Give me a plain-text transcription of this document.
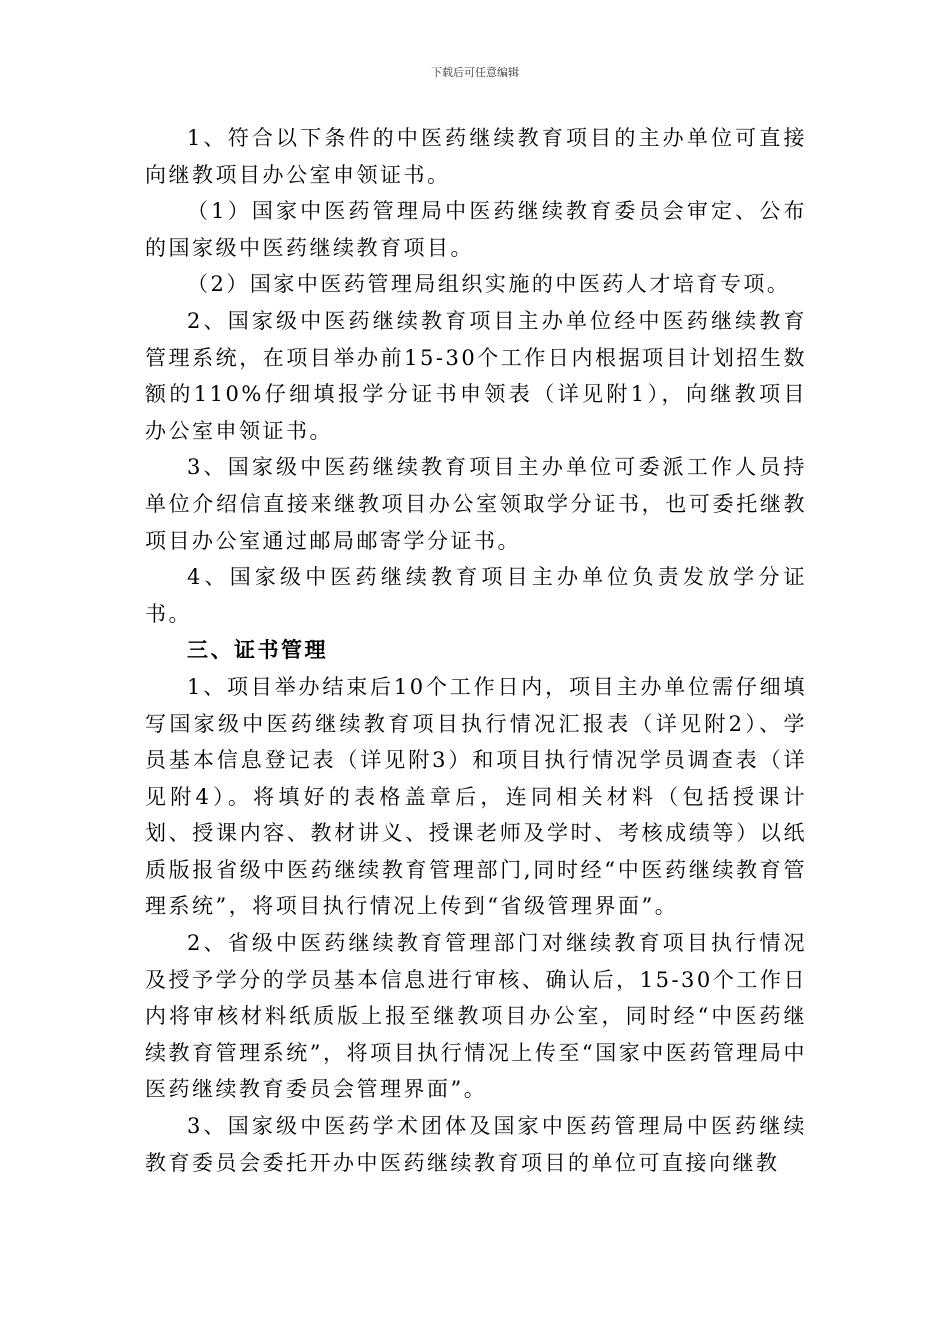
下载后可任意编辑

1、符合以下条件的中医药继续教育项目的主办单位可直接向继教项目办公室申领证书。

（1）国家中医药管理局中医药继续教育委员会审定、公布的国家级中医药继续教育项目。

（2）国家中医药管理局组织实施的中医药人才培育专项。

2、国家级中医药继续教育项目主办单位经中医药继续教育管理系统，在项目举办前15-30个工作日内根据项目计划招生数额的110%仔细填报学分证书申领表（详见附1），向继教项目办公室申领证书。

3、国家级中医药继续教育项目主办单位可委派工作人员持单位介绍信直接来继教项目办公室领取学分证书，也可委托继教项目办公室通过邮局邮寄学分证书。

4、国家级中医药继续教育项目主办单位负责发放学分证书。

三、证书管理

1、项目举办结束后10个工作日内，项目主办单位需仔细填写国家级中医药继续教育项目执行情况汇报表（详见附2）、学员基本信息登记表（详见附3）和项目执行情况学员调查表（详见附4）。将填好的表格盖章后，连同相关材料（包括授课计划、授课内容、教材讲义、授课老师及学时、考核成绩等）以纸质版报省级中医药继续教育管理部门,同时经“中医药继续教育管理系统”，将项目执行情况上传到“省级管理界面”。

2、省级中医药继续教育管理部门对继续教育项目执行情况及授予学分的学员基本信息进行审核、确认后，15-30个工作日内将审核材料纸质版上报至继教项目办公室，同时经“中医药继续教育管理系统”，将项目执行情况上传至“国家中医药管理局中医药继续教育委员会管理界面”。

3、国家级中医药学术团体及国家中医药管理局中医药继续教育委员会委托开办中医药继续教育项目的单位可直接向继教
